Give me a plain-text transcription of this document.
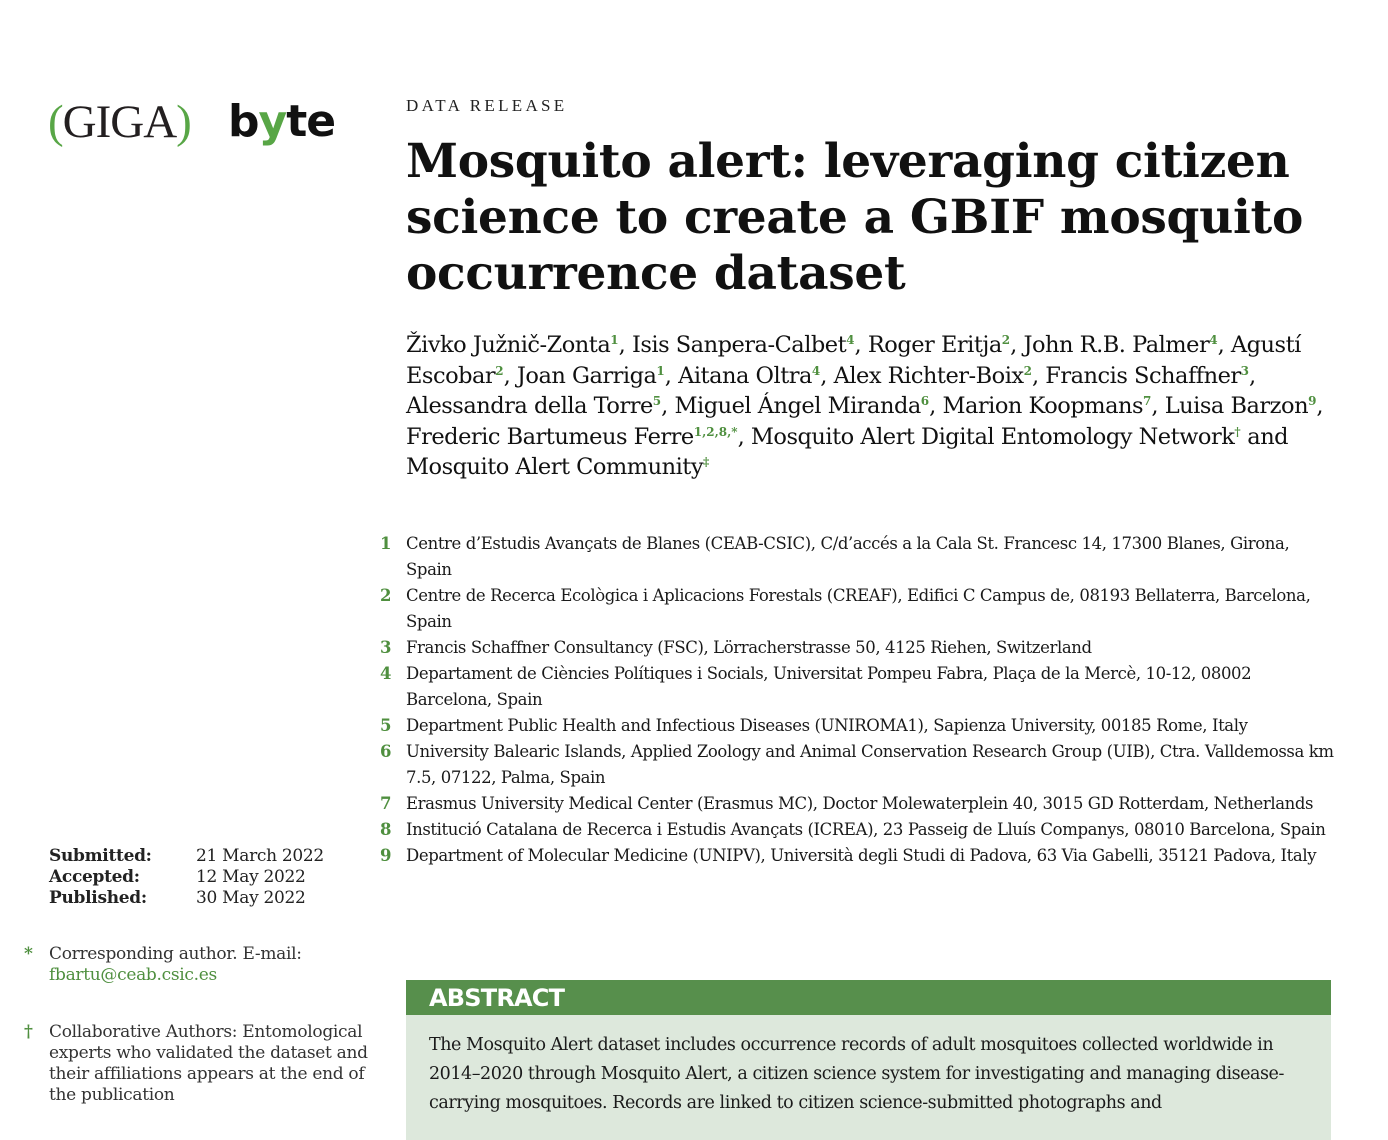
(GIGA) byte	DATA RELEASE
Mosquito alert: leveraging citizen science to create a GBIF mosquito occurrence dataset
Živko Južnič-Zonta$^1$, Isis Sanpera-Calbet$^4$, Roger Eritja$^2$, John R.B. Palmer$^4$, Agustí Escobar$^2$, Joan Garriga$^1$, Aitana Oltra$^4$, Alex Richter-Boix$^2$, Francis Schaffner$^3$, Alessandra della Torre$^5$, Miguel Ángel Miranda$^6$, Marion Koopmans$^7$, Luisa Barzon$^9$, Frederic Bartumeus Ferre$^{1,2,8,*}$, Mosquito Alert Digital Entomology Network† and Mosquito Alert Community‡
1 Centre d’Estudis Avançats de Blanes (CEAB-CSIC), C/d’accés a la Cala St. Francesc 14, 17300 Blanes, Girona, Spain
2 Centre de Recerca Ecològica i Aplicacions Forestals (CREAF), Edifici C Campus de, 08193 Bellaterra, Barcelona, Spain
3 Francis Schaffner Consultancy (FSC), Lörracherstrasse 50, 4125 Riehen, Switzerland
4 Departament de Ciències Polítiques i Socials, Universitat Pompeu Fabra, Plaça de la Mercè, 10-12, 08002 Barcelona, Spain
5 Department Public Health and Infectious Diseases (UNIROMA1), Sapienza University, 00185 Rome, Italy
6 University Balearic Islands, Applied Zoology and Animal Conservation Research Group (UIB), Ctra. Valldemossa km 7.5, 07122, Palma, Spain
7 Erasmus University Medical Center (Erasmus MC), Doctor Molewaterplein 40, 3015 GD Rotterdam, Netherlands
8 Institució Catalana de Recerca i Estudis Avançats (ICREA), 23 Passeig de Lluís Companys, 08010 Barcelona, Spain
9 Department of Molecular Medicine (UNIPV), Università degli Studi di Padova, 63 Via Gabelli, 35121 Padova, Italy
Submitted:	21 March 2022
Accepted:	12 May 2022
Published:	30 May 2022
* Corresponding author. E-mail:
fbartu@ceab.csic.es
† Collaborative Authors: Entomological experts who validated the dataset and their affiliations appears at the end of the publication
ABSTRACT
The Mosquito Alert dataset includes occurrence records of adult mosquitoes collected worldwide in 2014–2020 through Mosquito Alert, a citizen science system for investigating and managing disease-carrying mosquitoes. Records are linked to citizen science-submitted photographs and
